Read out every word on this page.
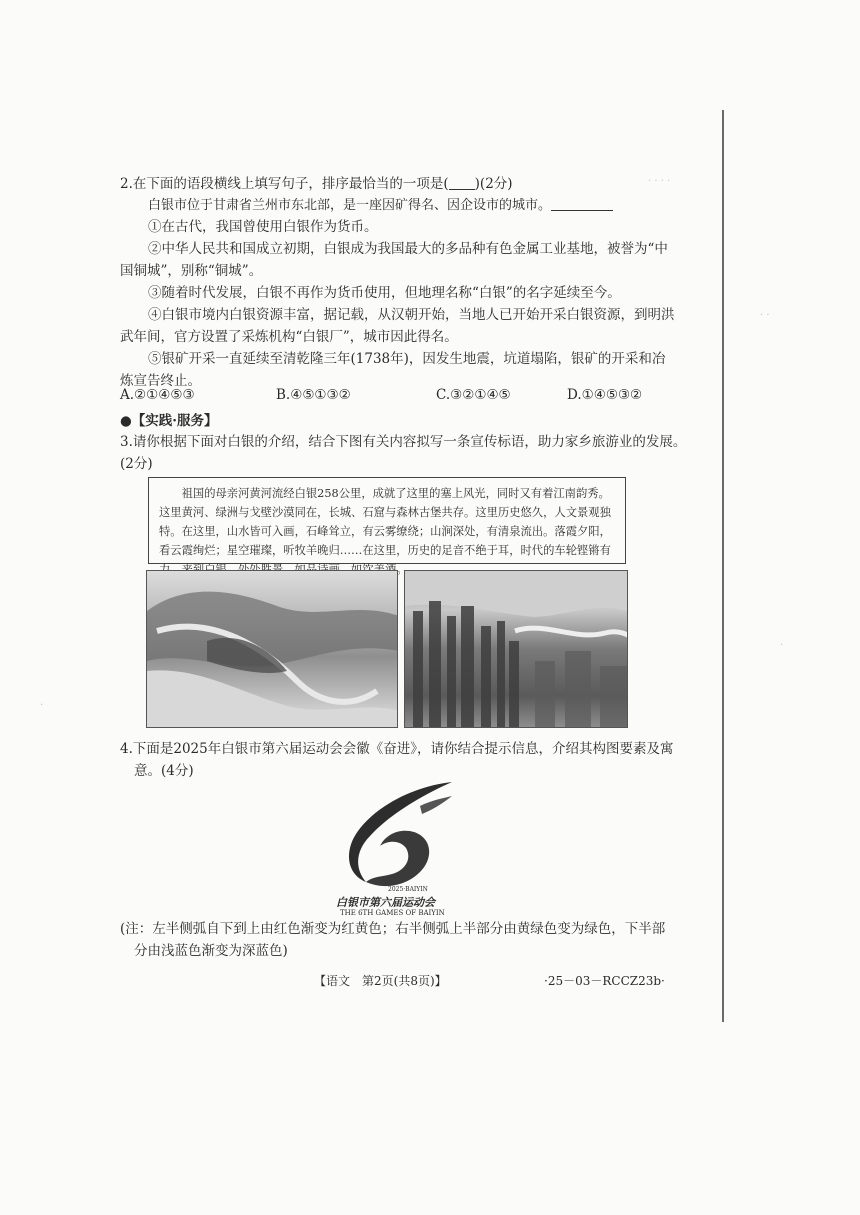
· · · ·
· ·
·
·
2.在下面的语段横线上填写句子，排序最恰当的一项是( )(2分)
白银市位于甘肃省兰州市东北部，是一座因矿得名、因企设市的城市。
①在古代，我国曾使用白银作为货币。
②中华人民共和国成立初期，白银成为我国最大的多品种有色金属工业基地，被誉为“中
国铜城”，别称“铜城”。
③随着时代发展，白银不再作为货币使用，但地理名称“白银”的名字延续至今。
④白银市境内白银资源丰富，据记载，从汉朝开始，当地人已开始开采白银资源，到明洪
武年间，官方设置了采炼机构“白银厂”，城市因此得名。
⑤银矿开采一直延续至清乾隆三年(1738年)，因发生地震，坑道塌陷，银矿的开采和冶
炼宣告终止。
A.②①④⑤③	B.④⑤①③②	C.③②①④⑤	D.①④⑤③②
●【实践·服务】
3.请你根据下面对白银的介绍，结合下图有关内容拟写一条宣传标语，助力家乡旅游业的发展。
(2分)

祖国的母亲河黄河流经白银258公里，成就了这里的塞上风光，同时又有着江南韵秀。这里黄河、绿洲与戈壁沙漠同在，长城、石窟与森林古堡共存。这里历史悠久，人文景观独特。在这里，山水皆可入画，石峰耸立，有云雾缭绕；山涧深处，有清泉流出。落霞夕阳，看云霞绚烂；星空璀璨，听牧羊晚归……在这里，历史的足音不绝于耳，时代的车轮铿锵有 。

4.下面是2025年白银市第六届运动会会徽《奋进》，请你结合提示信息，介绍其构图要素及寓
意。(4分)
2025·BAIYIN
白银市第六届运动会
THE 6TH GAMES OF BAIYIN
(注：左半侧弧自下到上由红色渐变为红黄色；右半侧弧上半部分由黄绿色变为绿色，下半部
分由浅蓝色渐变为深蓝色)
【语文　第2页(共8页)】	·25－03－RCCZ23b·
